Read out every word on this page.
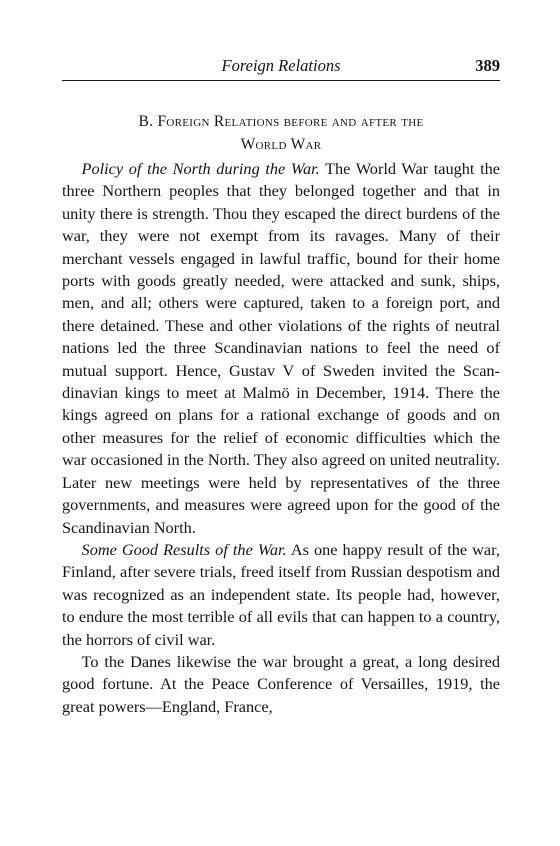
Foreign Relations	389
B. Foreign Relations before and after the
World War

Policy of the North during the War. The World War taught the three Northern peoples that they belonged together and that in unity there is strength. Thou they escaped the direct burdens of the war, they were not exempt from its ravages. Many of their merchant vessels engaged in lawful traffic, bound for their home ports with goods greatly needed, were attacked and sunk, ships, men, and all; others were captured, taken to a foreign port, and there detained. These and other violations of the rights of neutral nations led the three Scandinavian nations to feel the need of mutual support. Hence, Gustav V of Sweden invited the Scandinavian kings to meet at Malmö in December, 1914. There the kings agreed on plans for a rational exchange of goods and on other measures for the relief of economic difficulties which the war occasioned in the North. They also agreed on united neutrality. Later new meetings were held by representatives of the three governments, and measures were agreed upon for the good of the Scandinavian North.

Some Good Results of the War. As one happy result of the war, Finland, after severe trials, freed itself from Russian despotism and was recognized as an independent state. Its people had, however, to endure the most terrible of all evils that can happen to a country, the horrors of civil war.

To the Danes likewise the war brought a great, a long desired good fortune. At the Peace Conference of Versailles, 1919, the great powers—England, France,
